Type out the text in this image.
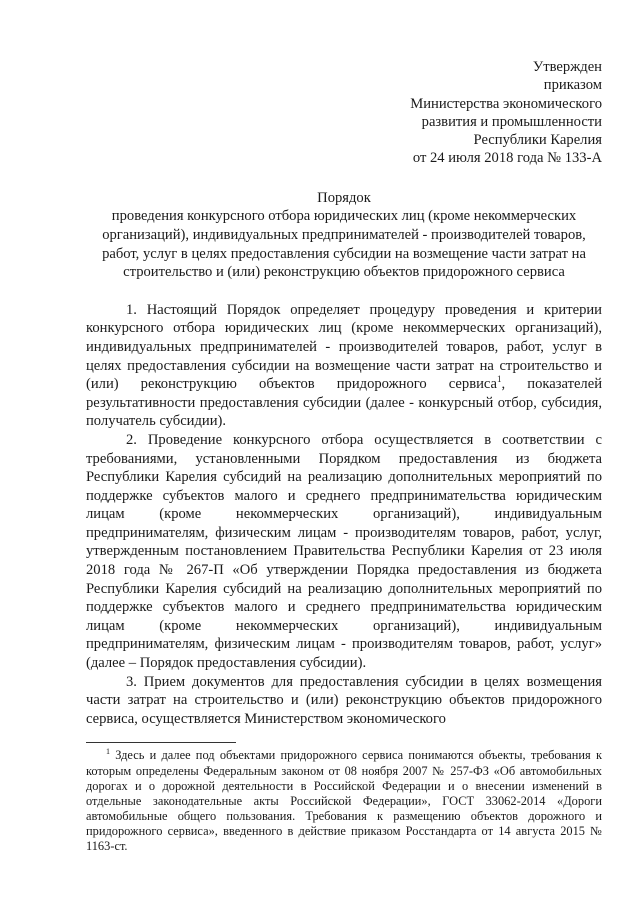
Утвержден
приказом
Министерства экономического
развития и промышленности
Республики Карелия
от 24 июля 2018 года № 133-А
Порядок
проведения конкурсного отбора юридических лиц (кроме некоммерческих организаций), индивидуальных предпринимателей - производителей товаров, работ, услуг в целях предоставления субсидии на возмещение части затрат на строительство и (или) реконструкцию объектов придорожного сервиса

1. Настоящий Порядок определяет процедуру проведения и критерии конкурсного отбора юридических лиц (кроме некоммерческих организаций), индивидуальных предпринимателей - производителей товаров, работ, услуг в целях предоставления субсидии на возмещение части затрат на строительство и (или) реконструкцию объектов придорожного сервиса$^1$, показателей результативности предоставления субсидии (далее - конкурсный отбор, субсидия, получатель субсидии).

2. Проведение конкурсного отбора осуществляется в соответствии с требованиями, установленными Порядком предоставления из бюджета Республики Карелия субсидий на реализацию дополнительных мероприятий по поддержке субъектов малого и среднего предпринимательства юридическим лицам (кроме некоммерческих организаций), индивидуальным предпринимателям, физическим лицам - производителям товаров, работ, услуг, утвержденным постановлением Правительства Республики Карелия от 23 июля 2018 года № 267-П «Об утверждении Порядка предоставления из бюджета Республики Карелия субсидий на реализацию дополнительных мероприятий по поддержке субъектов малого и среднего предпринимательства юридическим лицам (кроме некоммерческих организаций), индивидуальным предпринимателям, физическим лицам - производителям товаров, работ, услуг» (далее – Порядок предоставления субсидии).

3. Прием документов для предоставления субсидии в целях возмещения части затрат на строительство и (или) реконструкцию объектов придорожного сервиса, осуществляется Министерством экономического

$^1$ Здесь и далее под объектами придорожного сервиса понимаются объекты, требования к которым определены Федеральным законом от 08 ноября 2007 № 257-ФЗ «Об автомобильных дорогах и о дорожной деятельности в Российской Федерации и о внесении изменений в отдельные законодательные акты Российской Федерации», ГОСТ 33062-2014 «Дороги автомобильные общего пользования. Требования к размещению объектов дорожного и придорожного сервиса», введенного в действие приказом Росстандарта от 14 августа 2015 № 1163-ст.
